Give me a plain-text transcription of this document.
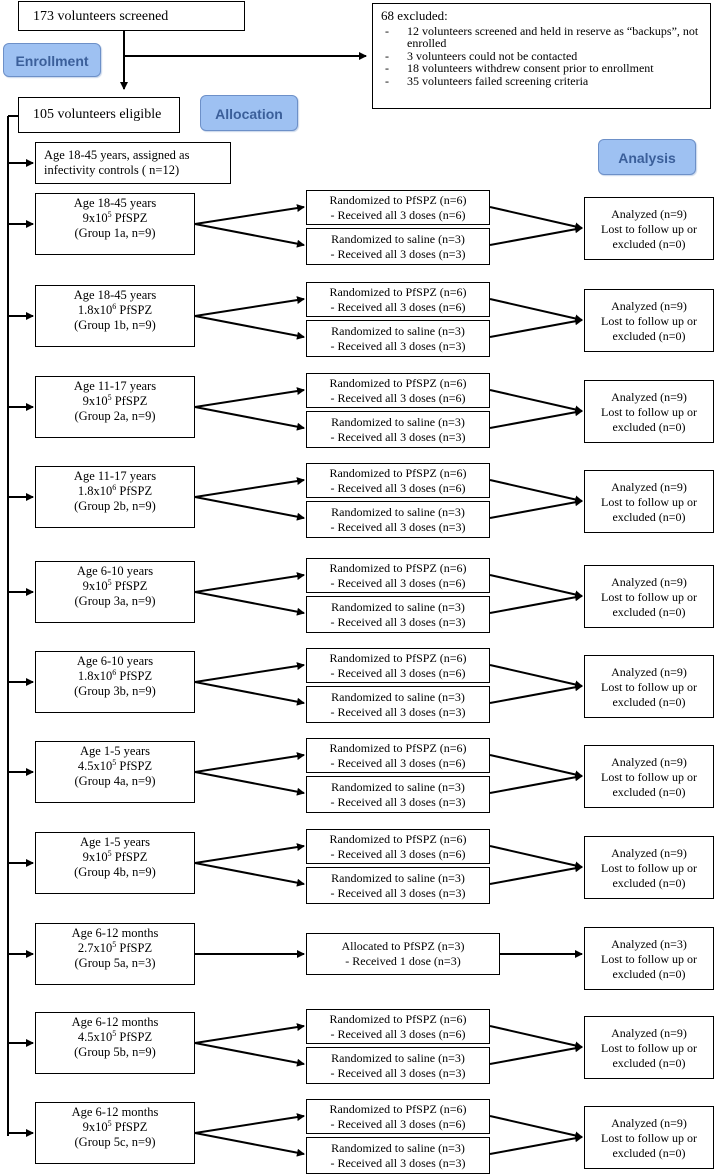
173 volunteers screened	68 excluded:
- 12 volunteers screened and held in reserve as “backups”, not enrolled
- 3 volunteers could not be contacted
- 18 volunteers withdrew consent prior to enrollment
- 35 volunteers failed screening criteria
Enrollment
105 volunteers eligible	Allocation
Analysis
Age 18-45 years, assigned as
infectivity controls ( n=12)
Age 18-45 years
$9x10^5$ PfSPZ
(Group 1a, n=9)
Randomized to PfSPZ (n=6)
- Received all 3 doses (n=6)
Randomized to saline (n=3)
- Received all 3 doses (n=3)
Analyzed (n=9)
Lost to follow up or
excluded (n=0)
Age 18-45 years
$1.8x10^6$ PfSPZ
(Group 1b, n=9)
Randomized to PfSPZ (n=6)
- Received all 3 doses (n=6)
Randomized to saline (n=3)
- Received all 3 doses (n=3)
Analyzed (n=9)
Lost to follow up or
excluded (n=0)
Age 11-17 years
$9x10^5$ PfSPZ
(Group 2a, n=9)
Randomized to PfSPZ (n=6)
- Received all 3 doses (n=6)
Randomized to saline (n=3)
- Received all 3 doses (n=3)
Analyzed (n=9)
Lost to follow up or
excluded (n=0)
Age 11-17 years
$1.8x10^6$ PfSPZ
(Group 2b, n=9)
Randomized to PfSPZ (n=6)
- Received all 3 doses (n=6)
Randomized to saline (n=3)
- Received all 3 doses (n=3)
Analyzed (n=9)
Lost to follow up or
excluded (n=0)
Age 6-10 years
$9x10^5$ PfSPZ
(Group 3a, n=9)
Randomized to PfSPZ (n=6)
- Received all 3 doses (n=6)
Randomized to saline (n=3)
- Received all 3 doses (n=3)
Analyzed (n=9)
Lost to follow up or
excluded (n=0)
Age 6-10 years
$1.8x10^6$ PfSPZ
(Group 3b, n=9)
Randomized to PfSPZ (n=6)
- Received all 3 doses (n=6)
Randomized to saline (n=3)
- Received all 3 doses (n=3)
Analyzed (n=9)
Lost to follow up or
excluded (n=0)
Age 1-5 years
$4.5x10^5$ PfSPZ
(Group 4a, n=9)
Randomized to PfSPZ (n=6)
- Received all 3 doses (n=6)
Randomized to saline (n=3)
- Received all 3 doses (n=3)
Analyzed (n=9)
Lost to follow up or
excluded (n=0)
Age 1-5 years
$9x10^5$ PfSPZ
(Group 4b, n=9)
Randomized to PfSPZ (n=6)
- Received all 3 doses (n=6)
Randomized to saline (n=3)
- Received all 3 doses (n=3)
Analyzed (n=9)
Lost to follow up or
excluded (n=0)
Age 6-12 months
$2.7x10^5$ PfSPZ
(Group 5a, n=3)
Allocated to PfSPZ (n=3)
- Received 1 dose (n=3)
Analyzed (n=3)
Lost to follow up or
excluded (n=0)
Age 6-12 months
$4.5x10^5$ PfSPZ
(Group 5b, n=9)
Randomized to PfSPZ (n=6)
- Received all 3 doses (n=6)
Randomized to saline (n=3)
- Received all 3 doses (n=3)
Analyzed (n=9)
Lost to follow up or
excluded (n=0)
Age 6-12 months
$9x10^5$ PfSPZ
(Group 5c, n=9)
Randomized to PfSPZ (n=6)
- Received all 3 doses (n=6)
Randomized to saline (n=3)
- Received all 3 doses (n=3)
Analyzed (n=9)
Lost to follow up or
excluded (n=0)
